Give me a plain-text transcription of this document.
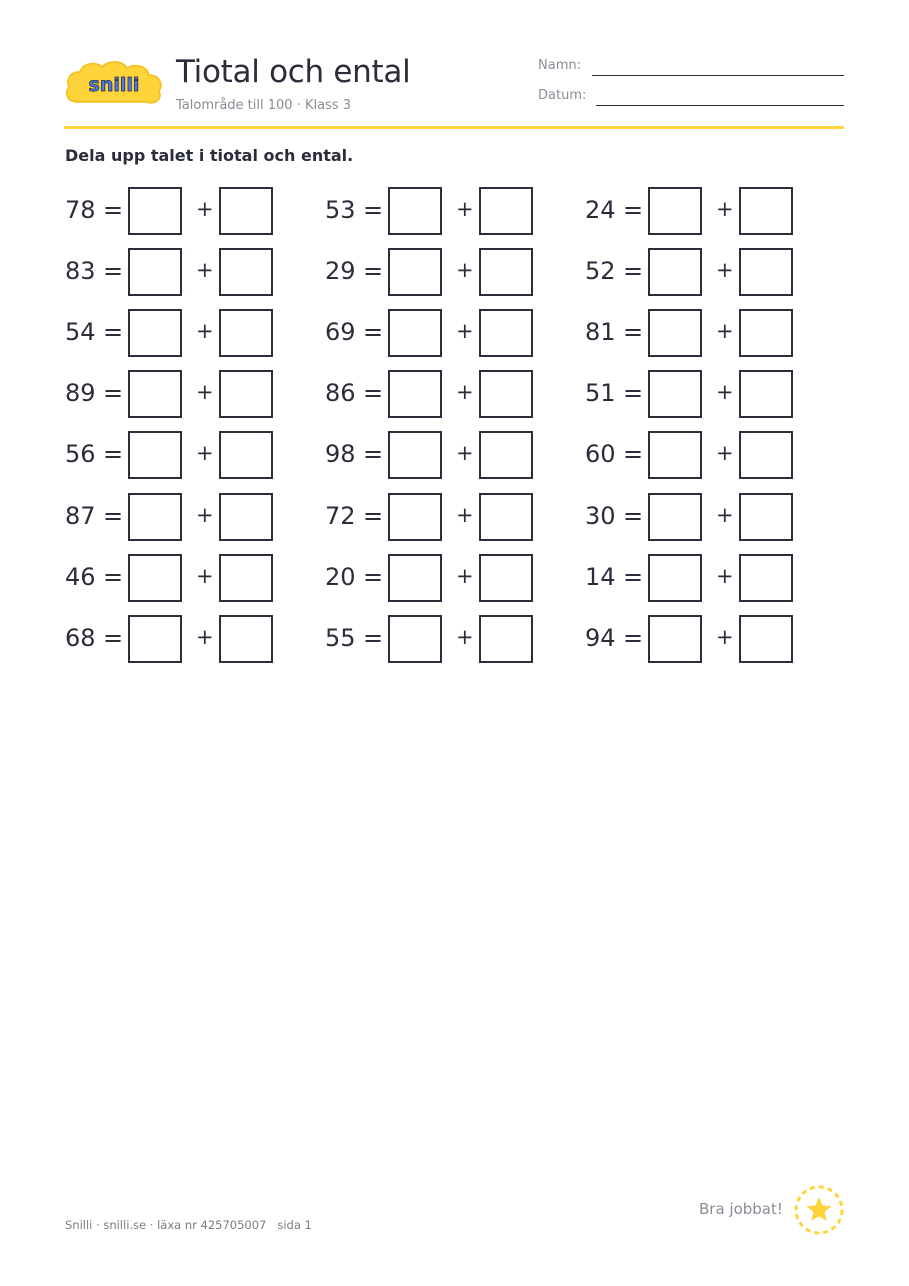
snilli Tiotal och ental
Talområde till 100 · Klass 3
Namn:
Datum:
Dela upp talet i tiotal och ental.
78 =	+	53 =	+	24 =	+
83 =	+	29 =	+	52 =	+
54 =	+	69 =	+	81 =	+
89 =	+	86 =	+	51 =	+
56 =	+	98 =	+	60 =	+
87 =	+	72 =	+	30 =	+
46 =	+	20 =	+	14 =	+
68 =	+	55 =	+	94 =	+
Snilli · snilli.se · läxa nr 425705007 sida 1
Bra jobbat!
